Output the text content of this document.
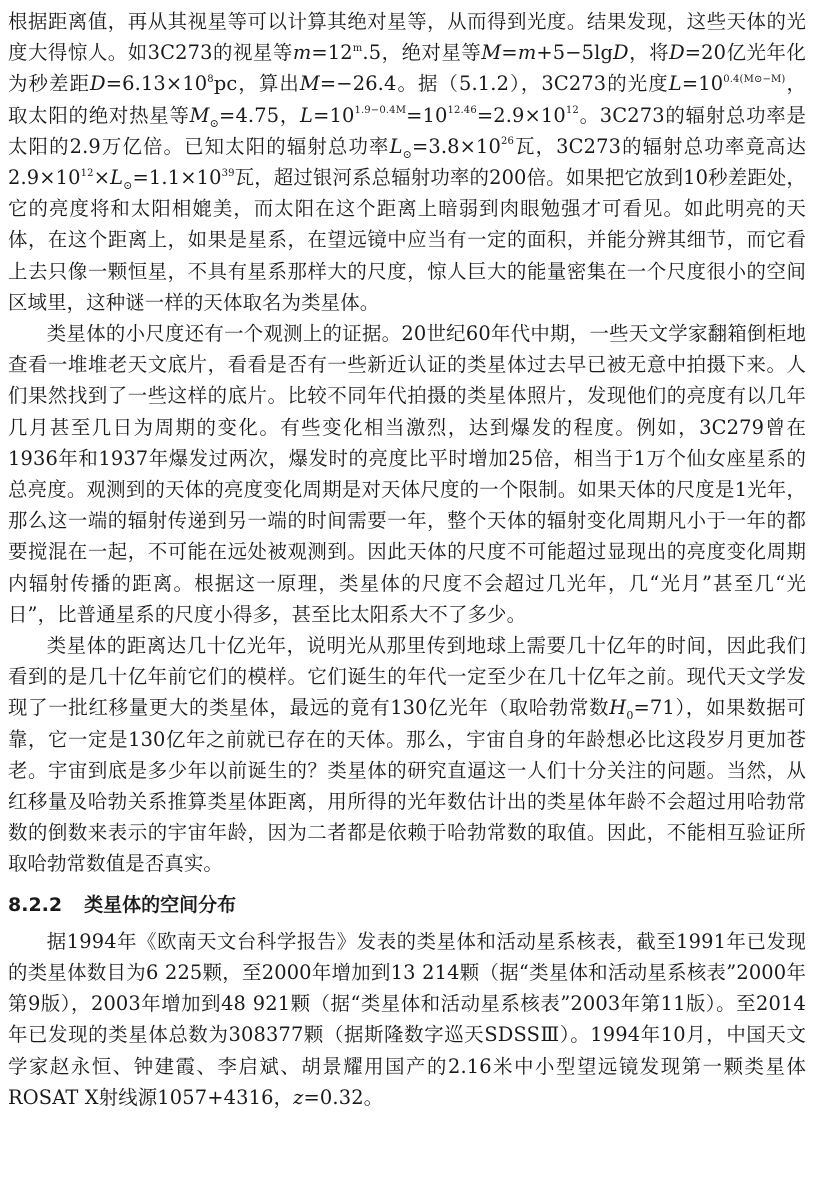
根据距离值，再从其视星等可以计算其绝对星等，从而得到光度。结果发现，这些天体的光度大得惊人。如3C273的视星等$m=12^m.5$，绝对星等M=m+5−5lgD，将D=20亿光年化为秒差距$D=6.13\times 10^8pc$，算出M=−26.4。据（5.1.2），3C273的光度$L=10^{0.4(M⊙-M)}$，取太阳的绝对热星等$M_⊙=4.75$，$L=10^{1.9-0.4M}=10^{12.46}=2.9\times 10^{12}$。3C273的辐射总功率是太阳的2.9万亿倍。已知太阳的辐射总功率$L_⊙=3.8\times 10^{26}$瓦，3C273的辐射总功率竟高达$2.9\times 10^{12}\times L_⊙=1.1\times 10^{39}$瓦，超过银河系总辐射功率的200倍。如果把它放到10秒差距处，它的亮度将和太阳相媲美，而太阳在这个距离上暗弱到肉眼勉强才可看见。如此明亮的天体，在这个距离上，如果是星系，在望远镜中应当有一定的面积，并能分辨其细节，而它看上去只像一颗恒星，不具有星系那样大的尺度，惊人巨大的能量密集在一个尺度很小的空间区域里，这种谜一样的天体取名为类星体。

类星体的小尺度还有一个观测上的证据。20世纪60年代中期，一些天文学家翻箱倒柜地查看一堆堆老天文底片，看看是否有一些新近认证的类星体过去早已被无意中拍摄下来。人们果然找到了一些这样的底片。比较不同年代拍摄的类星体照片，发现他们的亮度有以几年几月甚至几日为周期的变化。有些变化相当激烈，达到爆发的程度。例如，3C279曾在1936年和1937年爆发过两次，爆发时的亮度比平时增加25倍，相当于1万个仙女座星系的总亮度。观测到的天体的亮度变化周期是对天体尺度的一个限制。如果天体的尺度是1光年，那么这一端的辐射传递到另一端的时间需要一年，整个天体的辐射变化周期凡小于一年的都要搅混在一起，不可能在远处被观测到。因此天体的尺度不可能超过显现出的亮度变化周期内辐射传播的距离。根据这一原理，类星体的尺度不会超过几光年，几“光月”甚至几“光日”，比普通星系的尺度小得多，甚至比太阳系大不了多少。

类星体的距离达几十亿光年，说明光从那里传到地球上需要几十亿年的时间，因此我们看到的是几十亿年前它们的模样。它们诞生的年代一定至少在几十亿年之前。现代天文学发现了一批红移量更大的类星体，最远的竟有130亿光年（取哈勃常数$H_0=71$），如果数据可靠，它一定是130亿年之前就已存在的天体。那么，宇宙自身的年龄想必比这段岁月更加苍老。宇宙到底是多少年以前诞生的？类星体的研究直逼这一人们十分关注的问题。当然，从红移量及哈勃关系推算类星体距离，用所得的光年数估计出的类星体年龄不会超过用哈勃常数的倒数来表示的宇宙年龄，因为二者都是依赖于哈勃常数的取值。因此，不能相互验证所取哈勃常数值是否真实。

8.2.2 类星体的空间分布

据1994年《欧南天文台科学报告》发表的类星体和活动星系核表，截至1991年已发现的类星体数目为6 225颗，至2000年增加到13 214颗（据“类星体和活动星系核表”2000年第9版），2003年增加到48 921颗（据“类星体和活动星系核表”2003年第11版）。至2014年已发现的类星体总数为308377颗（据斯隆数字巡天SDSSⅢ）。1994年10月，中国天文学家赵永恒、钟建霞、李启斌、胡景耀用国产的2.16米中小型望远镜发现第一颗类星体ROSAT X射线源1057+4316，z=0.32。
